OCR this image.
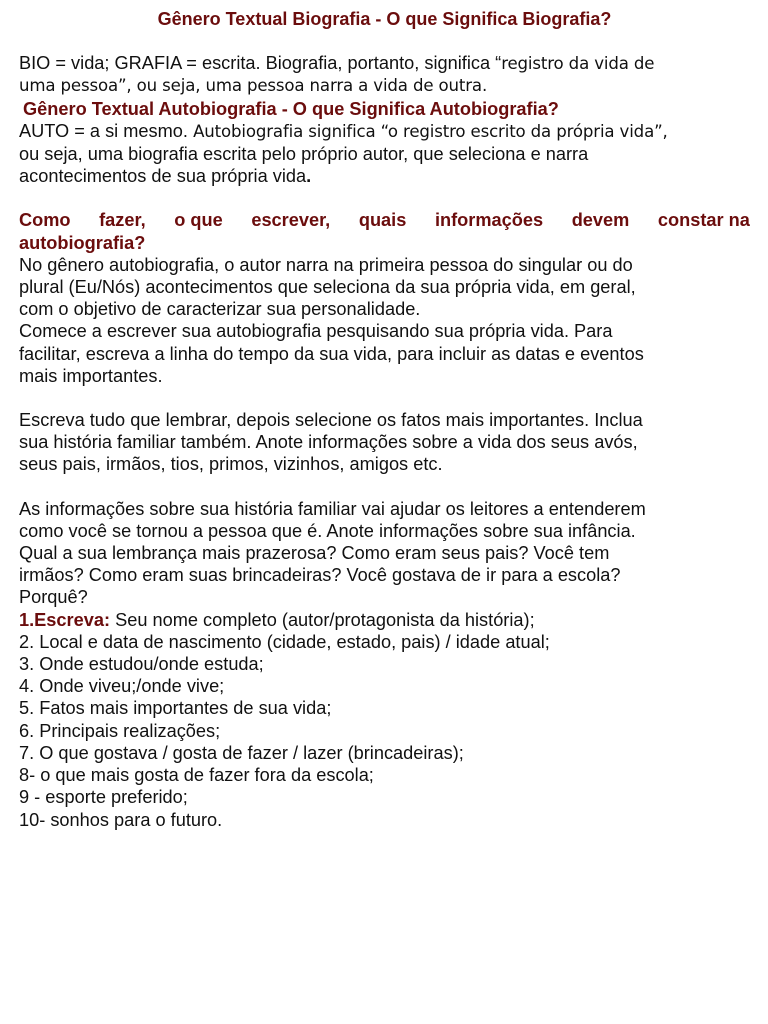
Gênero Textual Biografia - O que Significa Biografia?
BIO = vida; GRAFIA = escrita. Biografia, portanto, significa “registro da vida de
uma pessoa”, ou seja, uma pessoa narra a vida de outra.
Gênero Textual Autobiografia - O que Significa Autobiografia?
AUTO = a si mesmo. Autobiografia significa “o registro escrito da própria vida”,
ou seja, uma biografia escrita pelo próprio autor, que seleciona e narra
acontecimentos de sua própria vida.
Como fazer, o que escrever, quais informações devem constar na
autobiografia?
No gênero autobiografia, o autor narra na primeira pessoa do singular ou do
plural (Eu/Nós) acontecimentos que seleciona da sua própria vida, em geral,
com o objetivo de caracterizar sua personalidade.
Comece a escrever sua autobiografia pesquisando sua própria vida. Para
facilitar, escreva a linha do tempo da sua vida, para incluir as datas e eventos
mais importantes.
Escreva tudo que lembrar, depois selecione os fatos mais importantes. Inclua
sua história familiar também. Anote informações sobre a vida dos seus avós,
seus pais, irmãos, tios, primos, vizinhos, amigos etc.
As informações sobre sua história familiar vai ajudar os leitores a entenderem
como você se tornou a pessoa que é. Anote informações sobre sua infância.
Qual a sua lembrança mais prazerosa? Como eram seus pais? Você tem
irmãos? Como eram suas brincadeiras? Você gostava de ir para a escola?
Porquê?
1.Escreva: Seu nome completo (autor/protagonista da história);
2. Local e data de nascimento (cidade, estado, pais) / idade atual;
3. Onde estudou/onde estuda;
4. Onde viveu;/onde vive;
5. Fatos mais importantes de sua vida;
6. Principais realizações;
7. O que gostava / gosta de fazer / lazer (brincadeiras);
8- o que mais gosta de fazer fora da escola;
9 - esporte preferido;
10- sonhos para o futuro.
